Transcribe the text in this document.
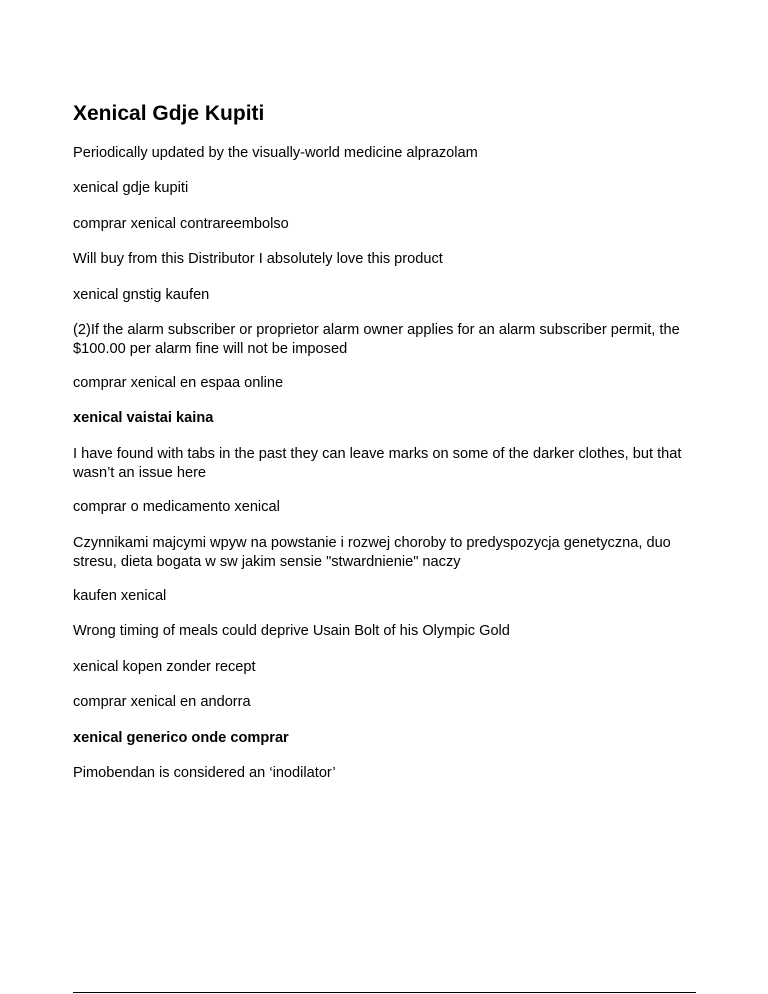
Xenical Gdje Kupiti

Periodically updated by the visually-world medicine alprazolam

xenical gdje kupiti

comprar xenical contrareembolso

Will buy from this Distributor I absolutely love this product

xenical gnstig kaufen

(2)If the alarm subscriber or proprietor alarm owner applies for an alarm subscriber permit, the $100.00 per alarm fine will not be imposed

comprar xenical en espaa online

xenical vaistai kaina

I have found with tabs in the past they can leave marks on some of the darker clothes, but that wasn’t an issue here

comprar o medicamento xenical

Czynnikami majcymi wpyw na powstanie i rozwej choroby to predyspozycja genetyczna, duo stresu, dieta bogata w sw jakim sensie "stwardnienie" naczy

kaufen xenical

Wrong timing of meals could deprive Usain Bolt of his Olympic Gold

xenical kopen zonder recept

comprar xenical en andorra

xenical generico onde comprar

Pimobendan is considered an ‘inodilator’
